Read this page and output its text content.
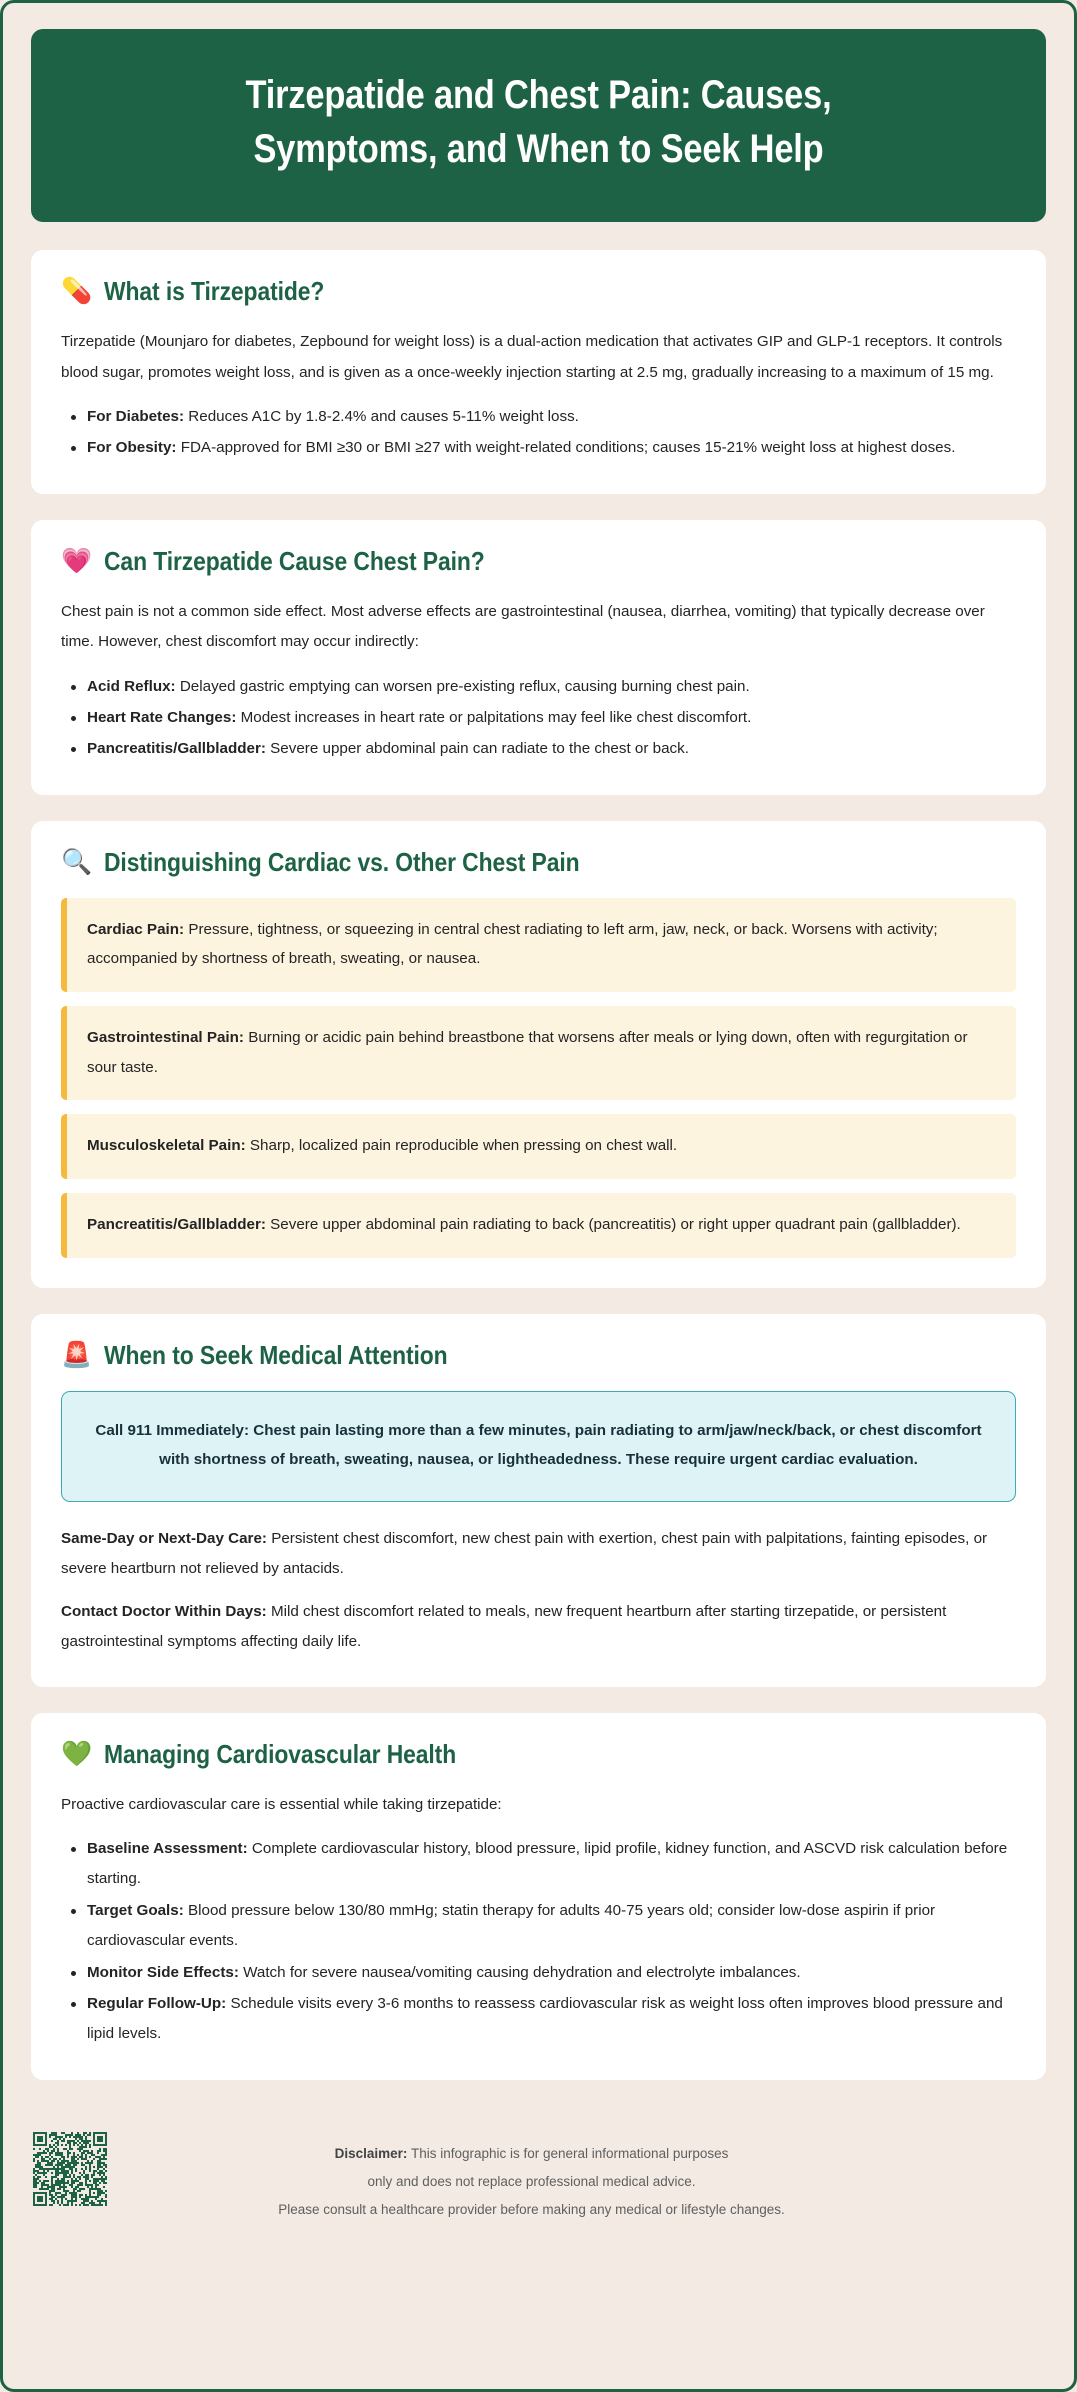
Tirzepatide and Chest Pain: Causes, Symptoms, and When to Seek Help
💊 What is Tirzepatide?

Tirzepatide (Mounjaro for diabetes, Zepbound for weight loss) is a dual-action medication that activates GIP and GLP-1 receptors. It controls blood sugar, promotes weight loss, and is given as a once-weekly injection starting at 2.5 mg, gradually increasing to a maximum of 15 mg.

For Diabetes: Reduces A1C by 1.8-2.4% and causes 5-11% weight loss.
For Obesity: FDA-approved for BMI ≥30 or BMI ≥27 with weight-related conditions; causes 15-21% weight loss at highest doses.
💗 Can Tirzepatide Cause Chest Pain?

Chest pain is not a common side effect. Most adverse effects are gastrointestinal (nausea, diarrhea, vomiting) that typically decrease over time. However, chest discomfort may occur indirectly:

Acid Reflux: Delayed gastric emptying can worsen pre-existing reflux, causing burning chest pain.
Heart Rate Changes: Modest increases in heart rate or palpitations may feel like chest discomfort.
Pancreatitis/Gallbladder: Severe upper abdominal pain can radiate to the chest or back.
🔍 Distinguishing Cardiac vs. Other Chest Pain

Cardiac Pain: Pressure, tightness, or squeezing in central chest radiating to left arm, jaw, neck, or back. Worsens with activity; accompanied by shortness of breath, sweating, or nausea.

Gastrointestinal Pain: Burning or acidic pain behind breastbone that worsens after meals or lying down, often with regurgitation or sour taste.

Musculoskeletal Pain: Sharp, localized pain reproducible when pressing on chest wall.

Pancreatitis/Gallbladder: Severe upper abdominal pain radiating to back (pancreatitis) or right upper quadrant pain (gallbladder).

🚨 When to Seek Medical Attention

Call 911 Immediately: Chest pain lasting more than a few minutes, pain radiating to arm/jaw/neck/back, or chest discomfort with shortness of breath, sweating, nausea, or lightheadedness. These require urgent cardiac evaluation.

Same-Day or Next-Day Care: Persistent chest discomfort, new chest pain with exertion, chest pain with palpitations, fainting episodes, or severe heartburn not relieved by antacids.

Contact Doctor Within Days: Mild chest discomfort related to meals, new frequent heartburn after starting tirzepatide, or persistent gastrointestinal symptoms affecting daily life.

💚 Managing Cardiovascular Health

Proactive cardiovascular care is essential while taking tirzepatide:

Baseline Assessment: Complete cardiovascular history, blood pressure, lipid profile, kidney function, and ASCVD risk calculation before starting.
Target Goals: Blood pressure below 130/80 mmHg; statin therapy for adults 40-75 years old; consider low-dose aspirin if prior cardiovascular events.
Monitor Side Effects: Watch for severe nausea/vomiting causing dehydration and electrolyte imbalances.
Regular Follow-Up: Schedule visits every 3-6 months to reassess cardiovascular risk as weight loss often improves blood pressure and lipid levels.

Disclaimer: This infographic is for general informational purposes

only and does not replace professional medical advice.

Please consult a healthcare provider before making any medical or lifestyle changes.
